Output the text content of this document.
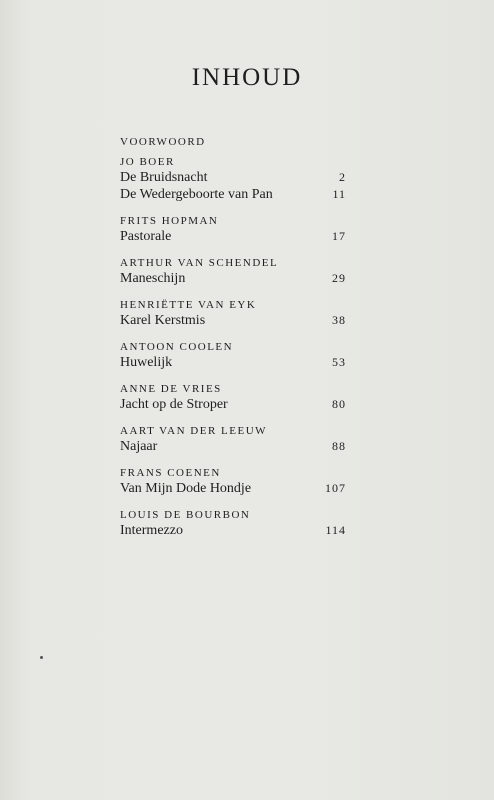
INHOUD
VOORWOORD
JO BOER
De Bruidsnacht	2
De Wedergeboorte van Pan	11
FRITS HOPMAN
Pastorale	17
ARTHUR VAN SCHENDEL
Maneschijn	29
HENRIËTTE VAN EYK
Karel Kerstmis	38
ANTOON COOLEN
Huwelijk	53
ANNE DE VRIES
Jacht op de Stroper	80
AART VAN DER LEEUW
Najaar	88
FRANS COENEN
Van Mijn Dode Hondje	107
LOUIS DE BOURBON
Intermezzo	114
